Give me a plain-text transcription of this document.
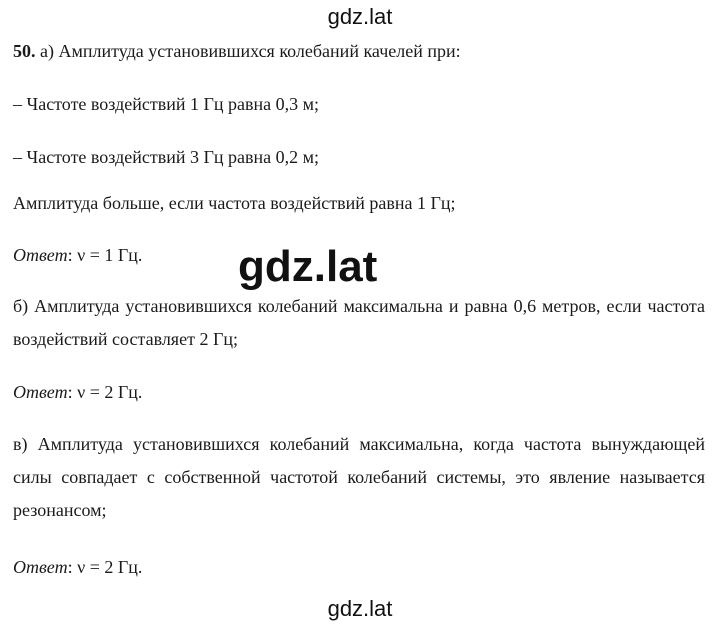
gdz.lat
50. а) Амплитуда установившихся колебаний качелей при:
– Частоте воздействий 1 Гц равна 0,3 м;
– Частоте воздействий 3 Гц равна 0,2 м;
Амплитуда больше, если частота воздействий равна 1 Гц;
Ответ: ν = 1 Гц. gdz.lat
б) Амплитуда установившихся колебаний максимальна и равна 0,6 метров, если частота воздействий составляет 2 Гц;
Ответ: ν = 2 Гц.
в) Амплитуда установившихся колебаний максимальна, когда частота вынуждающей силы совпадает с собственной частотой колебаний системы, это явление называется резонансом;
Ответ: ν = 2 Гц.
gdz.lat
